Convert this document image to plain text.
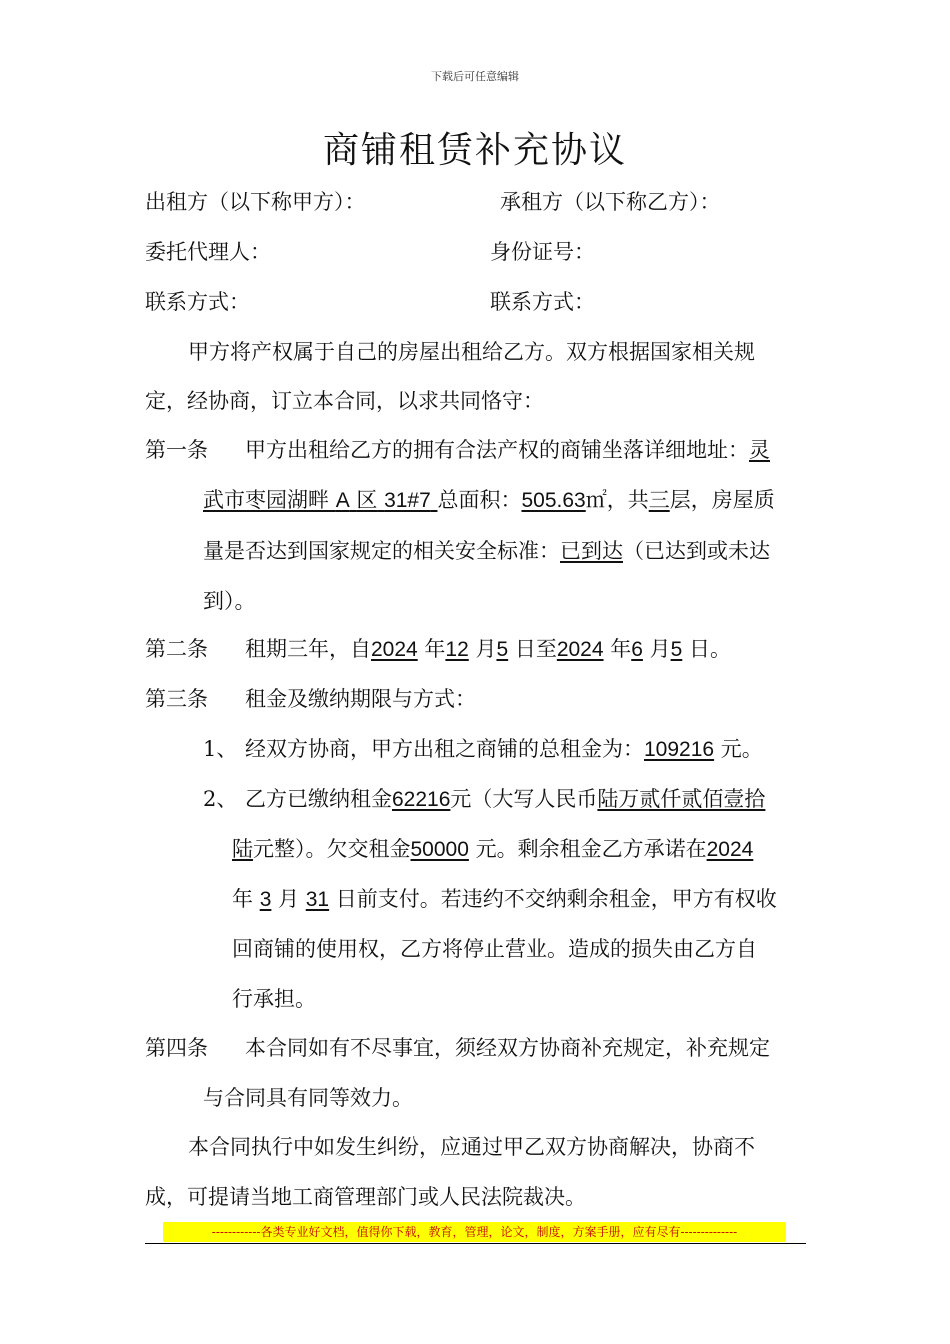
下载后可任意编辑
商铺租赁补充协议
出租方（以下称甲方）：	承租方（以下称乙方）：
委托代理人：	身份证号：
联系方式：	联系方式：
甲方将产权属于自己的房屋出租给乙方。双方根据国家相关规
定，经协商，订立本合同，以求共同恪守：
第一条 甲方出租给乙方的拥有合法产权的商铺坐落详细地址：灵
武市枣园湖畔 A 区 31#7 总面积：505.63㎡，共三层，房屋质
量是否达到国家规定的相关安全标准：已到达（已达到或未达
到）。
第二条 租期三年，自2024 年12 月5 日至2024 年6 月5 日。
第三条 租金及缴纳期限与方式：
1、 经双方协商，甲方出租之商铺的总租金为：109216 元。
2、 乙方已缴纳租金62216元（大写人民币陆万贰仟贰佰壹拾
陆元整）。欠交租金50000 元。剩余租金乙方承诺在2024
年 3 月 31 日前支付。若违约不交纳剩余租金，甲方有权收
回商铺的使用权，乙方将停止营业。造成的损失由乙方自
行承担。
第四条 本合同如有不尽事宜，须经双方协商补充规定，补充规定
与合同具有同等效力。
本合同执行中如发生纠纷，应通过甲乙双方协商解决，协商不
成，可提请当地工商管理部门或人民法院裁决。
------------各类专业好文档，值得你下载，教育，管理，论文，制度，方案手册，应有尽有--------------
